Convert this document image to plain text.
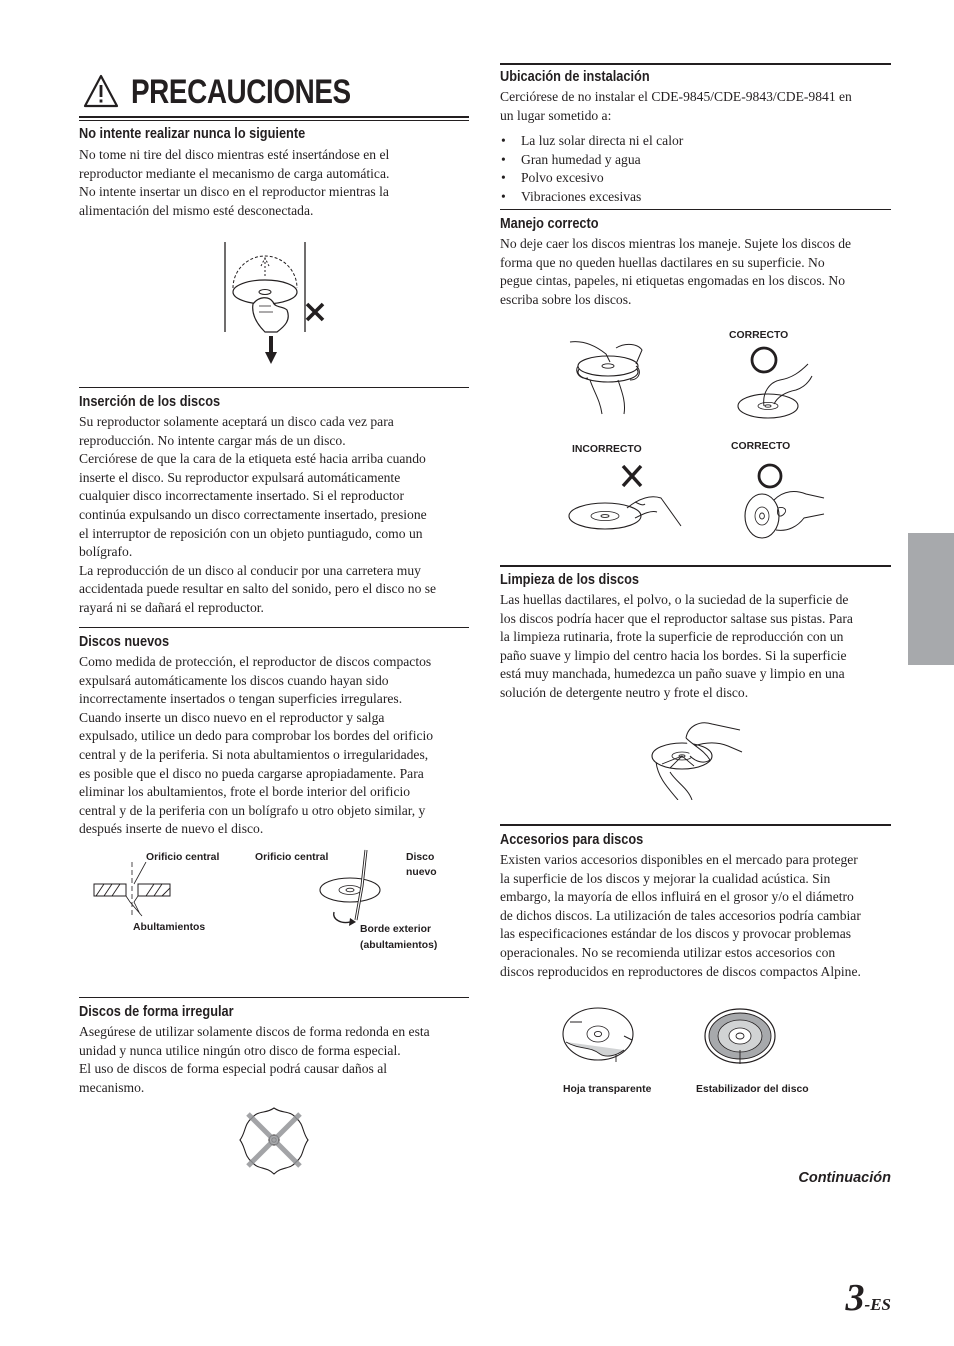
PRECAUCIONES
No intente realizar nunca lo siguiente
No tome ni tire del disco mientras esté insertándose en el
reproductor mediante el mecanismo de carga automática.
No intente insertar un disco en el reproductor mientras la
alimentación del mismo esté desconectada.
Inserción de los discos
Su reproductor solamente aceptará un disco cada vez para
reproducción. No intente cargar más de un disco.
Cerciórese de que la cara de la etiqueta esté hacia arriba cuando
inserte el disco. Su reproductor expulsará automáticamente
cualquier disco incorrectamente insertado. Si el reproductor
continúa expulsando un disco correctamente insertado, presione
el interruptor de reposición con un objeto puntiagudo, como un
bolígrafo.
La reproducción de un disco al conducir por una carretera muy
accidentada puede resultar en salto del sonido, pero el disco no se
rayará ni se dañará el reproductor.
Discos nuevos
Como medida de protección, el reproductor de discos compactos
expulsará automáticamente los discos cuando hayan sido
incorrectamente insertados o tengan superficies irregulares.
Cuando inserte un disco nuevo en el reproductor y salga
expulsado, utilice un dedo para comprobar los bordes del orificio
central y de la periferia. Si nota abultamientos o irregularidades,
es posible que el disco no pueda cargarse apropiadamente. Para
eliminar los abultamientos, frote el borde interior del orificio
central y de la periferia con un bolígrafo u otro objeto similar, y
después inserte de nuevo el disco.
Orificio central	Orificio central	Disco
nuevo
Abultamientos	Borde exterior
(abultamientos)
Discos de forma irregular
Asegúrese de utilizar solamente discos de forma redonda en esta
unidad y nunca utilice ningún otro disco de forma especial.
El uso de discos de forma especial podrá causar daños al
mecanismo.
Ubicación de instalación
Cerciórese de no instalar el CDE-9845/CDE-9843/CDE-9841 en
un lugar sometido a:
• La luz solar directa ni el calor
• Gran humedad y agua
• Polvo excesivo
• Vibraciones excesivas
Manejo correcto
No deje caer los discos mientras los maneje. Sujete los discos de
forma que no queden huellas dactilares en su superficie. No
pegue cintas, papeles, ni etiquetas engomadas en los discos. No
escriba sobre los discos.
CORRECTO
INCORRECTO	CORRECTO
Limpieza de los discos
Las huellas dactilares, el polvo, o la suciedad de la superficie de
los discos podría hacer que el reproductor saltase sus pistas. Para
la limpieza rutinaria, frote la superficie de reproducción con un
paño suave y limpio del centro hacia los bordes. Si la superficie
está muy manchada, humedezca un paño suave y limpio en una
solución de detergente neutro y frote el disco.
Accesorios para discos
Existen varios accesorios disponibles en el mercado para proteger
la superficie de los discos y mejorar la cualidad acústica. Sin
embargo, la mayoría de ellos influirá en el grosor y/o el diámetro
de dichos discos. La utilización de tales accesorios podría cambiar
las especificaciones estándar de los discos y provocar problemas
operacionales. No se recomienda utilizar estos accesorios con
discos reproducidos en reproductores de discos compactos Alpine.
Hoja transparente	Estabilizador del disco
Continuación
3-ES
